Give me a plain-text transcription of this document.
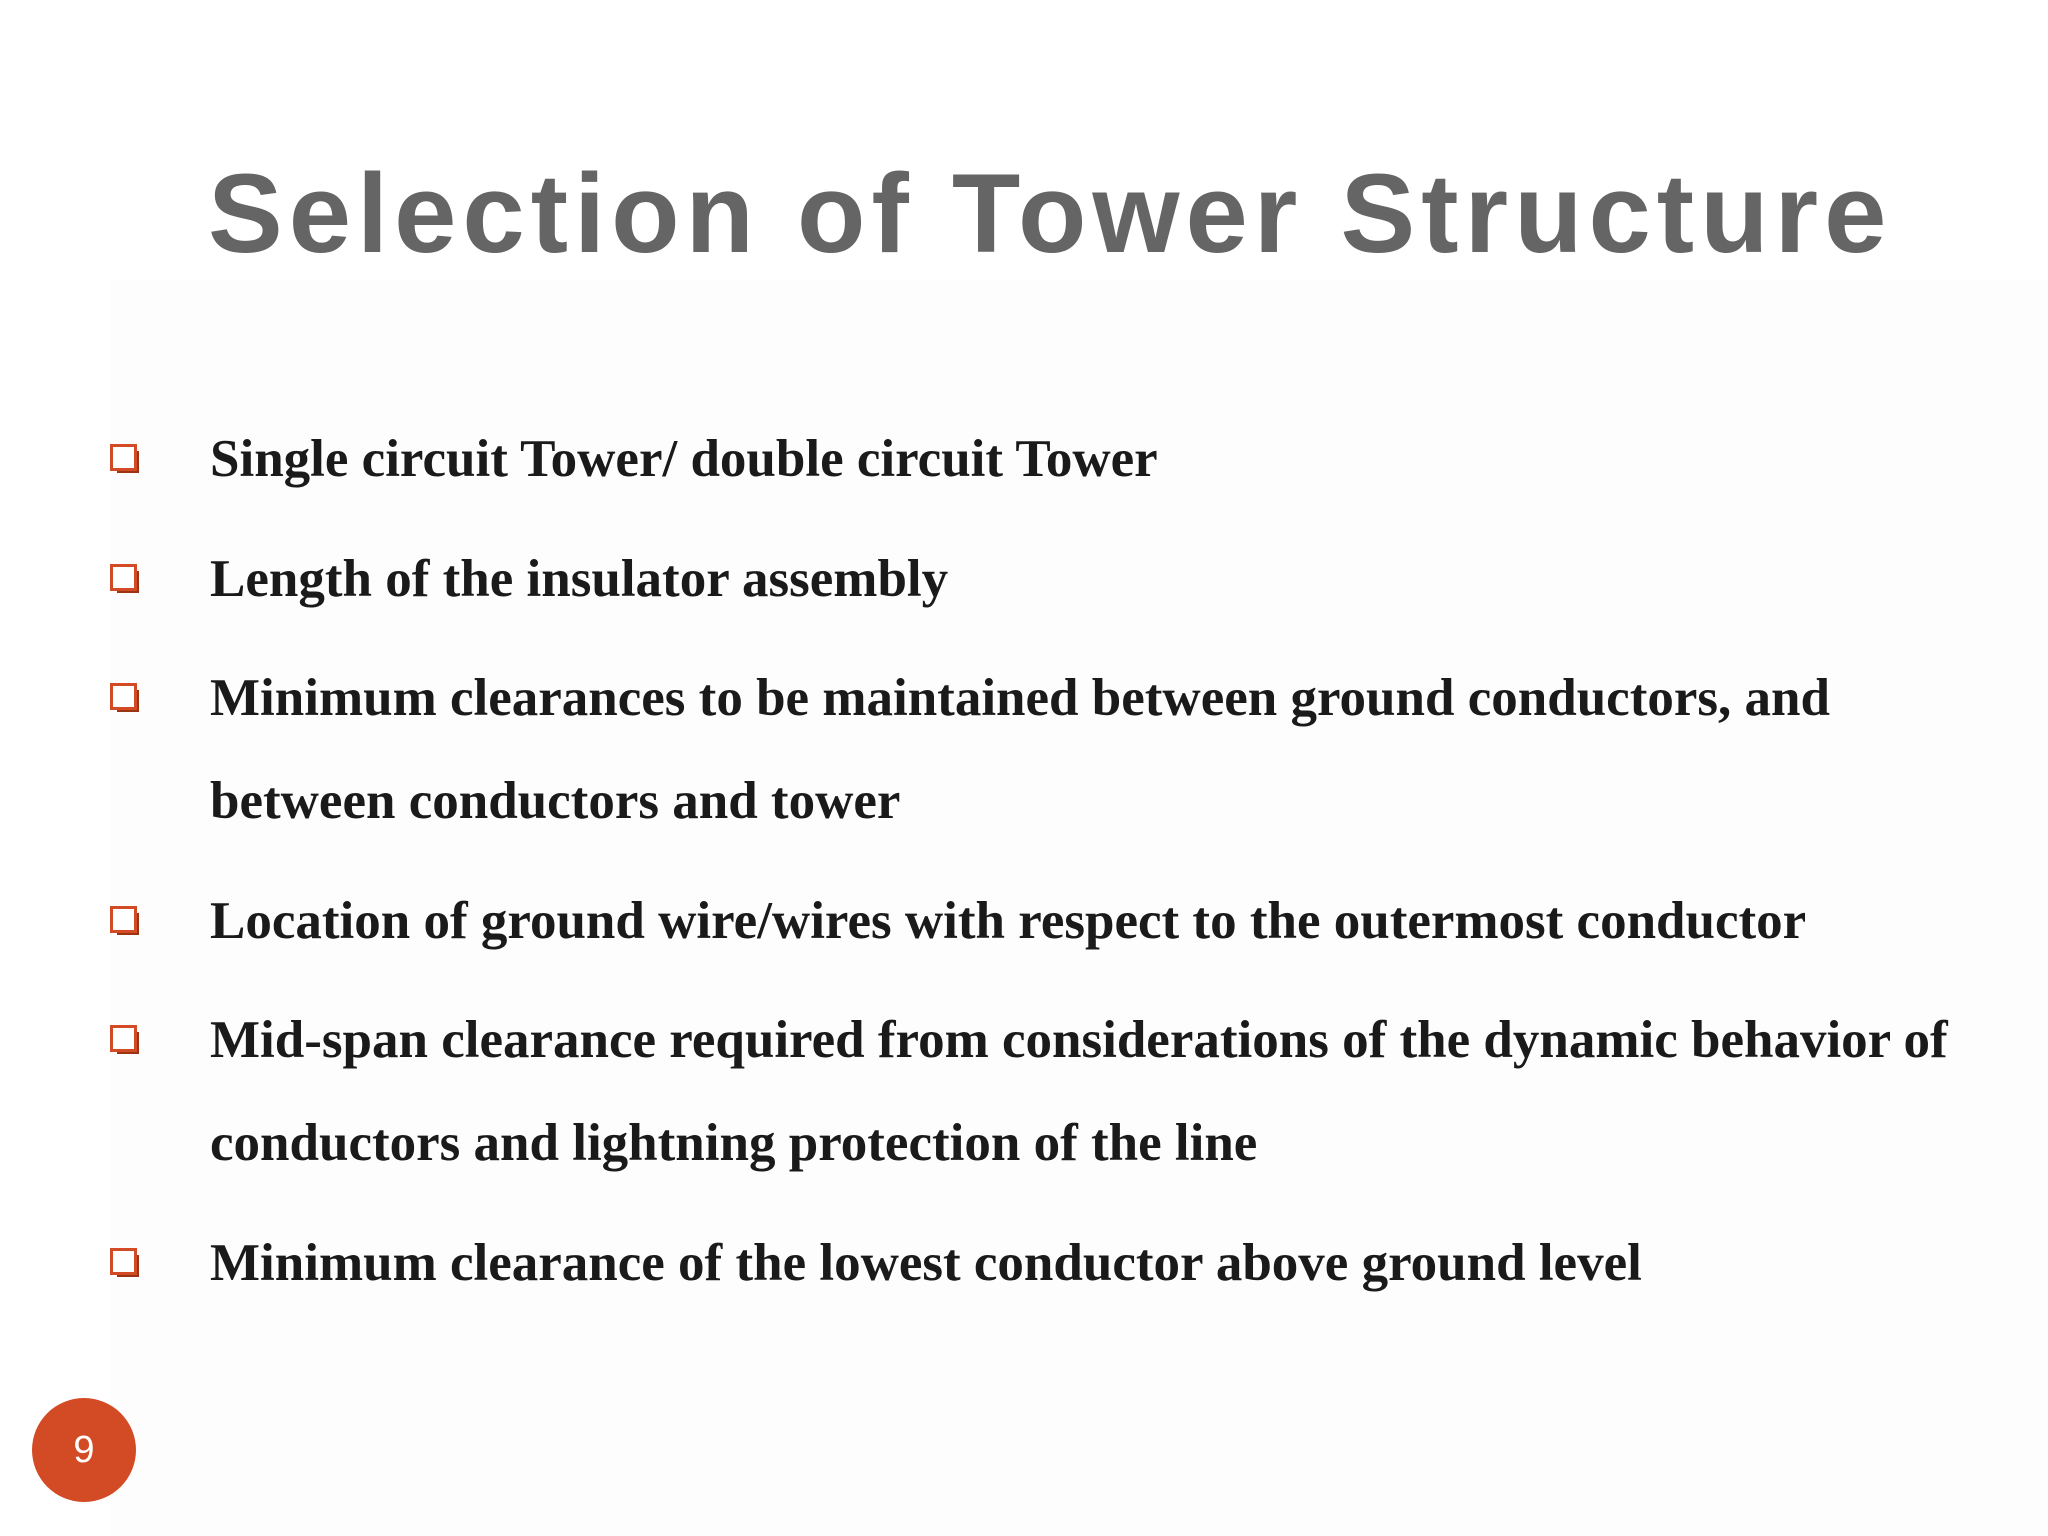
Selection of Tower Structure

Single circuit Tower/ double circuit Tower

Length of the insulator assembly

Minimum clearances to be maintained between ground conductors, and between conductors and tower

Location of ground wire/wires with respect to the outermost conductor

Mid-span clearance required from considerations of the dynamic behavior of conductors and lightning protection of the line

Minimum clearance of the lowest conductor above ground level

9
